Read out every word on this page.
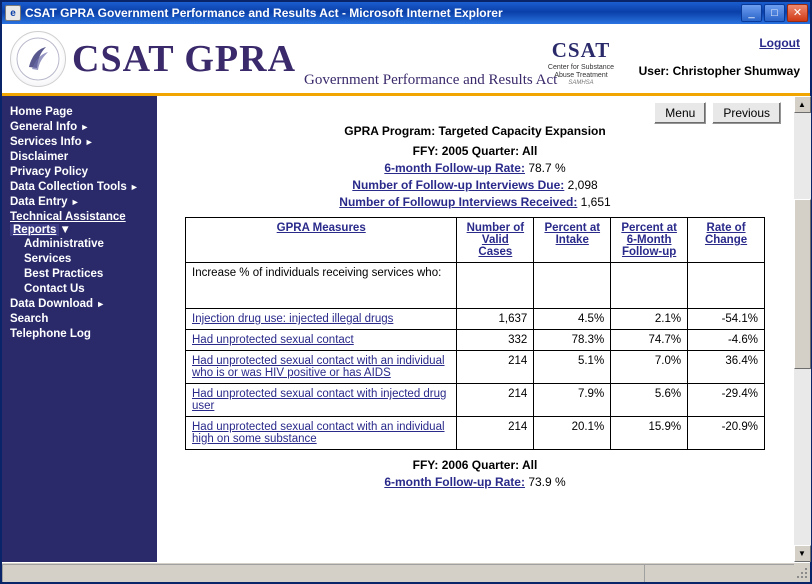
e CSAT GPRA Government Performance and Results Act - Microsoft Internet Explorer	_	□	✕
CSAT GPRA
Government Performance and Results Act
CSAT
Center for Substance
Abuse Treatment
SAMHSA
Logout
User: Christopher Shumway
Home Page
General Info ►
Services Info ►
Disclaimer
Privacy Policy
Data Collection Tools ►
Data Entry ►
Technical Assistance
Reports ▼
Administrative
Services
Best Practices
Contact Us
Data Download ►
Search
Telephone Log
Menu	Previous
GPRA Program: Targeted Capacity Expansion
FFY: 2005 Quarter: All
6-month Follow-up Rate: 78.7 %
Number of Follow-up Interviews Due: 2,098
Number of Followup Interviews Received: 1,651
GPRA Measures	Number of Valid Cases	Percent at Intake	Percent at 6-Month Follow-up	Rate of Change
Increase % of individuals receiving services who:				
Injection drug use: injected illegal drugs	1,637	4.5%	2.1%	-54.1%
Had unprotected sexual contact	332	78.3%	74.7%	-4.6%
Had unprotected sexual contact with an individual who is or was HIV positive or has AIDS	214	5.1%	7.0%	36.4%
Had unprotected sexual contact with injected drug user	214	7.9%	5.6%	-29.4%
Had unprotected sexual contact with an individual high on some substance	214	20.1%	15.9%	-20.9%
FFY: 2006 Quarter: All
6-month Follow-up Rate: 73.9 %
▲
▼
